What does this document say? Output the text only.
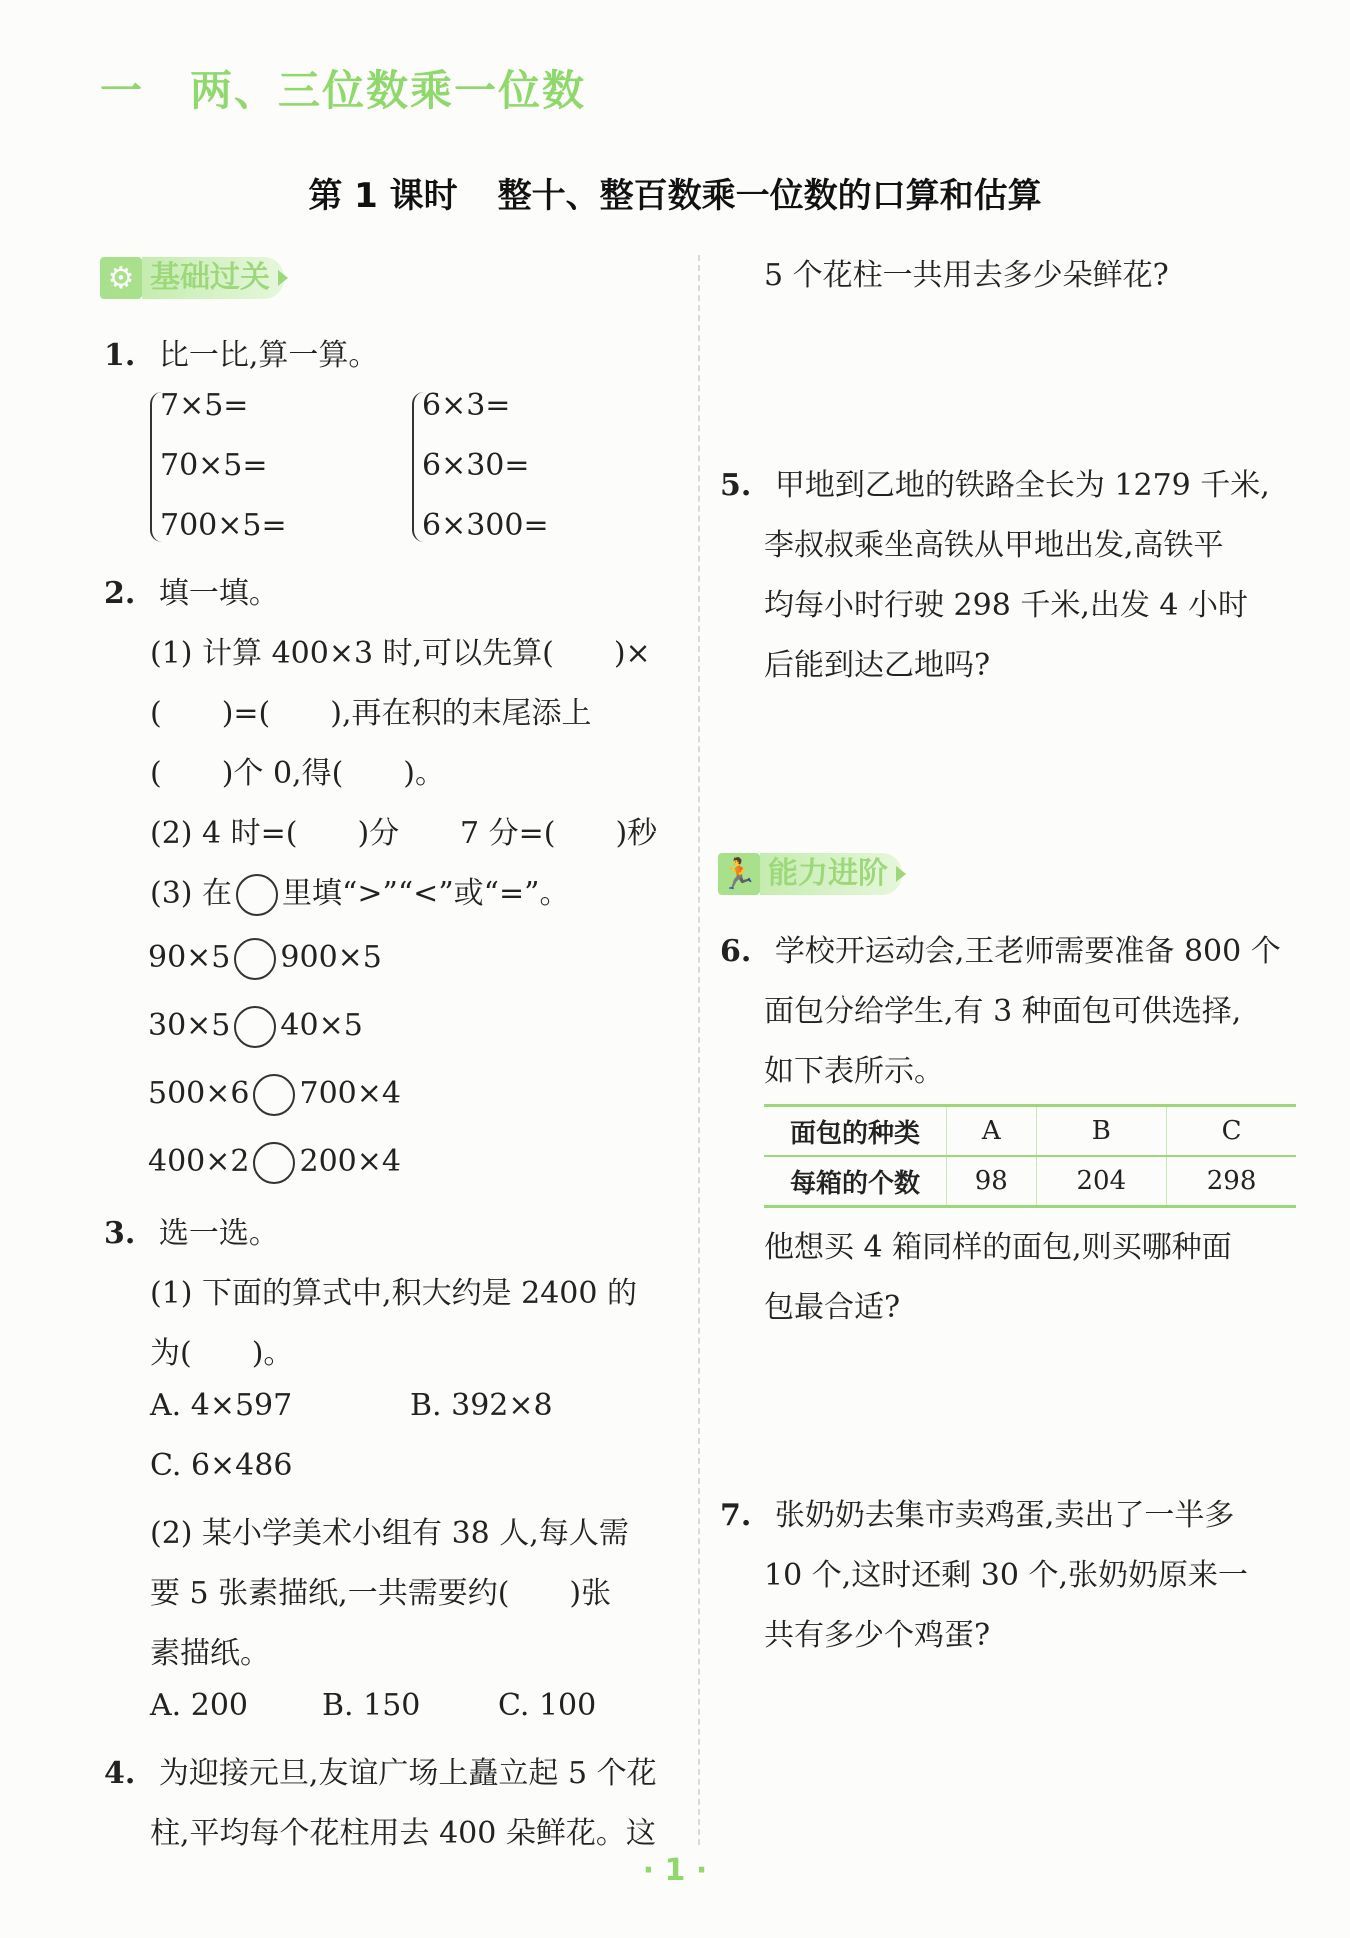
一 两、三位数乘一位数
第 1 课时 整十、整百数乘一位数的口算和估算
⚙ 基础过关
1. 比一比,算一算。
7×5=
70×5=
700×5=
6×3=
6×30=
6×300=
2. 填一填。
(1) 计算 400×3 时,可以先算(　　)×
(　　)=(　　),再在积的末尾添上
(　　)个 0,得(　　)。
(2) 4 时=(　　)分 7 分=(　　)秒
(3) 在 里填“>”“<”或“=”。
90×5 900×5
30×5 40×5
500×6 700×4
400×2 200×4
3. 选一选。
(1) 下面的算式中,积大约是 2400 的
为(　　)。
A. 4×597	B. 392×8
C. 6×486
(2) 某小学美术小组有 38 人,每人需
要 5 张素描纸,一共需要约(　　)张
素描纸。
A. 200 B. 150	C. 100
4. 为迎接元旦,友谊广场上矗立起 5 个花
柱,平均每个花柱用去 400 朵鲜花。这
5 个花柱一共用去多少朵鲜花?
5. 甲地到乙地的铁路全长为 1279 千米,
李叔叔乘坐高铁从甲地出发,高铁平
均每小时行驶 298 千米,出发 4 小时
后能到达乙地吗?
🏃 能力进阶
6. 学校开运动会,王老师需要准备 800 个
面包分给学生,有 3 种面包可供选择,
如下表所示。
面包的种类	A	B	C
每箱的个数	98	204	298
他想买 4 箱同样的面包,则买哪种面
包最合适?
7. 张奶奶去集市卖鸡蛋,卖出了一半多
10 个,这时还剩 30 个,张奶奶原来一
共有多少个鸡蛋?
· 1 ·
